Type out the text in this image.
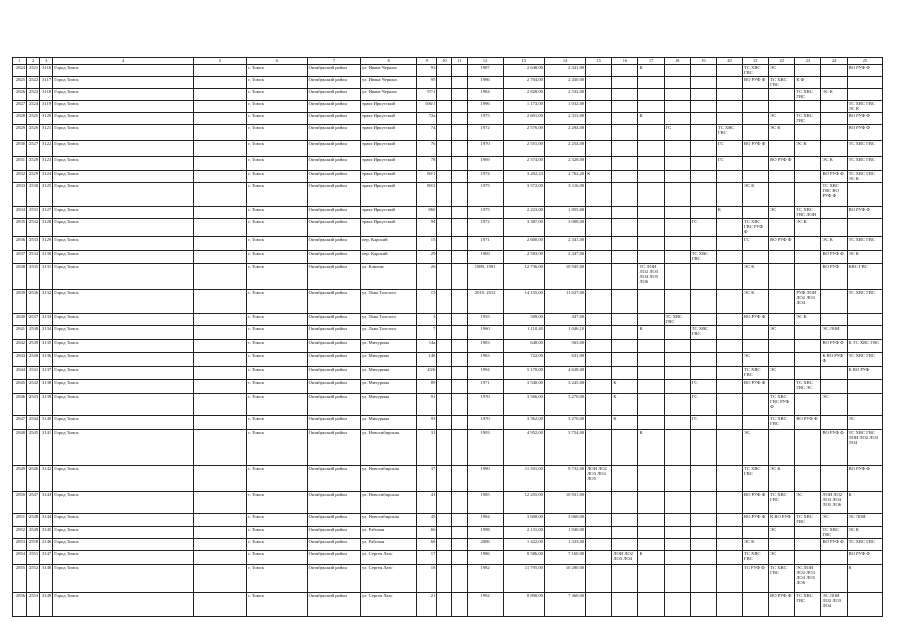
1	2	3	4	5	6	7	8	9	10	11	12	13	14	15	16	17	18	19	20	21	22	23	24	25
2824	2521	3116	Город Томск		г. Томск	Октябрьский район	ул. Ивана Черных	93			1987	2 648,00	2 341,00			К				ТС ХВС ГВС	ЭС			ВО РУФ Ф
2825	2522	3117	Город Томск		г. Томск	Октябрьский район	ул. Ивана Черных	95			1986	2 704,00	2 430,00							ВО РУФ Ф	ТС ХВС ГВС	К Ф		
2826	2523	3118	Город Томск		г. Томск	Октябрьский район	ул. Ивана Черных	97/1			1984	2 828,00	2 532,00									ТС ХВС ГВС	ЭС К	
2827	2524	3119	Город Томск		г. Томск	Октябрьский район	тракт Иркутский	106/1			1996	1 173,00	1 032,00											ТС ХВС ГВС ЭС К
2828	2525	3120	Город Томск		г. Томск	Октябрьский район	тракт Иркутский	72а			1975	2 601,00	2 313,00			К					ЭС	ТС ХВС ГВС		ВО РУФ Ф
2829	2526	3121	Город Томск		г. Томск	Октябрьский район	тракт Иркутский	74			1972	2 576,00	2 294,00				ГС		ТС ХВС ГВС		ЭС К			ВО РУФ Ф
2830	2527	3122	Город Томск		г. Томск	Октябрьский район	тракт Иркутский	76			1970	2 551,00	2 254,00						ГС	ВО РУФ Ф		ЭС К		ТС ХВС ГВС
2831	2528	3123	Город Томск		г. Томск	Октябрьский район	тракт Иркутский	78			1969	2 574,00	2 328,00						ГС		ВО РУФ Ф		ЭС К	ТС ХВС ГВС
2832	2529	3124	Город Томск		г. Томск	Октябрьский район	тракт Иркутский	80/1			1974	3 202,23	2 762,20	К									ВО РУФ Ф	ТС ХВС ГВС ЭС К
2833	2530	3125	Город Томск		г. Томск	Октябрьский район	тракт Иркутский	80/2			1975	3 572,00	3 116,00							ЭС К			ТС ХВС ГВС ВО РУФ Ф	
2834	2531	3127	Город Томск		г. Томск	Октябрьский район	тракт Иркутский	86б			1975	2 223,00	1 855,00						К		ЭС	ТС ХВС ГВС ЛОИ		ВО РУФ Ф
2835	2532	3128	Город Томск		г. Томск	Октябрьский район	тракт Иркутский	94			1972	3 387,00	3 008,00					ГС		ТС ХВС ГВС РУФ Ф		ЭС К		
2836	2533	3129	Город Томск		г. Томск	Октябрьский район	пер. Карский	15			1971	2 600,00	2 341,00							ГС	ВО РУФ Ф		ЭС К	ТС ХВС ГВС
2837	2534	3130	Город Томск		г. Томск	Октябрьский район	пер. Карский	29			1969	2 583,00	2 347,00					ТС ХВС ГВС					ВО РУФ Ф	ЭС К
2838	2535	3131	Город Томск		г. Томск	Октябрьский район	ул. Клюева	26			1989, 1991	12 736,00	10 945,00			ТС ЛОИ ЛО2 ЛО3 ЛО4 ЛО5 ЛО6				ЭС К			ВО РУФ	КВС ГВС
2839	2536	3132	Город Томск		г. Томск	Октябрьский район	ул. Льва Толстого	15			2010, 2012	14 155,00	11 627,00							ЭС К		РУФ ЛОИ ЛО2 ЛО3 ЛО4		ТС ХВС ГВС
2840	2537	3133	Город Томск		г. Томск	Октябрьский район	ул. Льва Толстого	3			1955	509,00	447,00				ТС ХВС ГВС			ВО РУФ Ф		ЭС К		
2841	2538	3134	Город Томск		г. Томск	Октябрьский район	ул. Льва Толстого	7			1960	1 110,40	1 046,10			К		ТС ХВС ГВС			ЭС		ЭС ЛОИ	
2842	2539	3135	Город Томск		г. Томск	Октябрьский район	ул. Мичурина	14а			1983	648,00	563,00										ВО РУФ Ф	К ТС ХВС ГВС
2843	2540	3136	Город Томск		г. Томск	Октябрьский район	ул. Мичурина	14б			1983	722,00	631,00							ЭС			К ВО РУФ Ф	ТС ХВС ГВС
2844	2541	3137	Город Томск		г. Томск	Октябрьский район	ул. Мичурина	43/6			1994	5 170,00	4 628,00							ТС ХВС ГВС	ЭС			К ВО РУФ
2845	2542	3138	Город Томск		г. Томск	Октябрьский район	ул. Мичурина	89			1971	3 540,00	3 245,00		К			ГС		ВО РУФ Ф		ТС ХВС ГВС ЭС		
2846	2543	3139	Город Томск		г. Томск	Октябрьский район	ул. Мичурина	91			1970	3 566,00	3 270,00		К			ГС			ТС ХВС ГВС РУФ Ф		ЭС	
2847	2544	3140	Город Томск		г. Томск	Октябрьский район	ул. Мичурина	93			1970	3 562,00	3 270,00		К			ГС			ТС ХВС ГВС	ВО РУФ Ф		ЭС
2848	2545	3141	Город Томск		г. Томск	Октябрьский район	ул. Новосибирская	31			1993	4 952,00	3 754,00			К				ЭС			ВО РУФ Ф	ТС ХВС ГВС ЛОИ ЛО2 ЛО3 ЛО4
2849	2546	3142	Город Томск		г. Томск	Октябрьский район	ул. Новосибирская	37			1990	11 391,00	9 732,00	ЛОИ ЛО2 ЛО3 ЛО4 ЛО5						ТС ХВС ГВС	ЭС К			ВО РУФ Ф
2850	2547	3143	Город Томск		г. Томск	Октябрьский район	ул. Новосибирская	41			1985	12 255,00	10 931,00							ВО РУФ Ф	ТС ХВС ГВС	ЭС	ЛОИ ЛО2 ЛО3 ЛО4 ЛО5 ЛО6	К
2851	2548	3144	Город Томск		г. Томск	Октябрьский район	ул. Новосибирская	45			1984	3 608,00	3 060,00							ВО РУФ Ф	К ВО РУФ	ТС ХВС ГВС	ЭС	ЭС ЛОИ
2852	2549	3145	Город Томск		г. Томск	Октябрьский район	ул. Рабочая	66			1998	2 131,00	1 940,00								ЭС		ТС ХВС ГВС	ЭС К
2853	2550	3146	Город Томск		г. Томск	Октябрьский район	ул. Рабочая	68			2006	1 422,00	1 333,00							ЭС К			ВО РУФ Ф	ТС ХВС ГВС
2854	2551	3147	Город Томск		г. Томск	Октябрьский район	ул. Сергея Лазо	17			1986	8 586,00	7 160,00		ЛОИ ЛО2 ЛО3 ЛО4	К				ТС ХВС ГВС	ЭС			ВО РУФ Ф
2855	2552	3148	Город Томск		г. Томск	Октябрьский район	ул. Сергея Лазо	18			1982	11 795,00	10 280,00							ТС РУФ Ф	ТС ХВС ГВС	ЭС ЛОИ ЛО2 ЛО3 ЛО4 ЛО5 ЛО6		К
2856	2553	3149	Город Томск		г. Томск	Октябрьский район	ул. Сергея Лазо	21			1992	8 890,00	7 460,00								ВО РУФ Ф	ТС ХВС ГВС	ЭС ЛОИ ЛО2 ЛО3 ЛО4	
